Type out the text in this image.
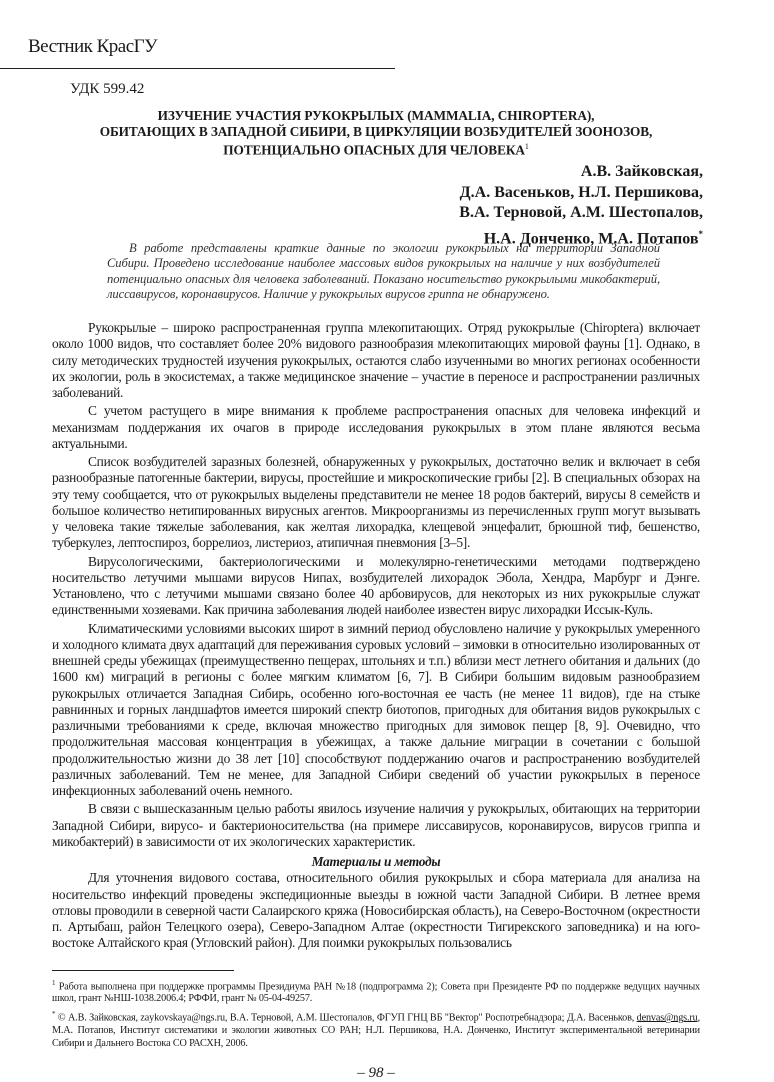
Вестник КрасГУ
УДК 599.42
ИЗУЧЕНИЕ УЧАСТИЯ РУКОКРЫЛЫХ (MAMMALIA, CHIROPTERA),
ОБИТАЮЩИХ В ЗАПАДНОЙ СИБИРИ, В ЦИРКУЛЯЦИИ ВОЗБУДИТЕЛЕЙ ЗООНОЗОВ,
ПОТЕНЦИАЛЬНО ОПАСНЫХ ДЛЯ ЧЕЛОВЕКА$^1$
А.В. Зайковская,
Д.А. Васеньков, Н.Л. Першикова,
В.А. Терновой, А.М. Шестопалов,
Н.А. Донченко, М.А. Потапов*
В работе представлены краткие данные по экологии рукокрылых на территории Западной Сибири. Проведено исследование наиболее массовых видов рукокрылых на наличие у них возбудителей потенциально опасных для человека заболеваний. Показано носительство рукокрылыми микобактерий, лиссавирусов, коронавирусов. Наличие у рукокрылых вирусов гриппа не обнаружено.

Рукокрылые – широко распространенная группа млекопитающих. Отряд рукокрылые (Chiroptera) включает около 1000 видов, что составляет более 20% видового разнообразия млекопитающих мировой фауны [1]. Однако, в силу методических трудностей изучения рукокрылых, остаются слабо изученными во многих регионах особенности их экологии, роль в экосистемах, а также медицинское значение – участие в переносе и распространении различных заболеваний.

С учетом растущего в мире внимания к проблеме распространения опасных для человека инфекций и механизмам поддержания их очагов в природе исследования рукокрылых в этом плане являются весьма актуальными.

Список возбудителей заразных болезней, обнаруженных у рукокрылых, достаточно велик и включает в себя разнообразные патогенные бактерии, вирусы, простейшие и микроскопические грибы [2]. В специальных обзорах на эту тему сообщается, что от рукокрылых выделены представители не менее 18 родов бактерий, вирусы 8 семейств и большое количество нетипированных вирусных агентов. Микроорганизмы из перечисленных групп могут вызывать у человека такие тяжелые заболевания, как желтая лихорадка, клещевой энцефалит, брюшной тиф, бешенство, туберкулез, лептоспироз, боррелиоз, листериоз, атипичная пневмония [3–5].

Вирусологическими, бактериологическими и молекулярно-генетическими методами подтверждено носительство летучими мышами вирусов Нипах, возбудителей лихорадок Эбола, Хендра, Марбург и Дэнге. Установлено, что с летучими мышами связано более 40 арбовирусов, для некоторых из них рукокрылые служат единственными хозяевами. Как причина заболевания людей наиболее известен вирус лихорадки Иссык-Куль.

Климатическими условиями высоких широт в зимний период обусловлено наличие у рукокрылых умеренного и холодного климата двух адаптаций для переживания суровых условий – зимовки в относительно изолированных от внешней среды убежищах (преимущественно пещерах, штольнях и т.п.) вблизи мест летнего обитания и дальних (до 1600 км) миграций в регионы с более мягким климатом [6, 7]. В Сибири большим видовым разнообразием рукокрылых отличается Западная Сибирь, особенно юго-восточная ее часть (не менее 11 видов), где на стыке равнинных и горных ландшафтов имеется широкий спектр биотопов, пригодных для обитания видов рукокрылых с различными требованиями к среде, включая множество пригодных для зимовок пещер [8, 9]. Очевидно, что продолжительная массовая концентрация в убежищах, а также дальние миграции в сочетании с большой продолжительностью жизни до 38 лет [10] способствуют поддержанию очагов и распространению возбудителей различных заболеваний. Тем не менее, для Западной Сибири сведений об участии рукокрылых в переносе инфекционных заболеваний очень немного.

В связи с вышесказанным целью работы явилось изучение наличия у рукокрылых, обитающих на территории Западной Сибири, вирусо- и бактерионосительства (на примере лиссавирусов, коронавирусов, вирусов гриппа и микобактерий) в зависимости от их экологических характеристик.

Материалы и методы

Для уточнения видового состава, относительного обилия рукокрылых и сбора материала для анализа на носительство инфекций проведены экспедиционные выезды в южной части Западной Сибири. В летнее время отловы проводили в северной части Салаирского кряжа (Новосибирская область), на Северо-Восточном (окрестности п. Артыбаш, район Телецкого озера), Северо-Западном Алтае (окрестности Тигирекского заповедника) и на юго-востоке Алтайского края (Угловский район). Для поимки рукокрылых пользовались

$^1$ Работа выполнена при поддержке программы Президиума РАН №18 (подпрограмма 2); Совета при Президенте РФ по поддержке ведущих научных школ, грант №НШ-1038.2006.4; РФФИ, грант № 05-04-49257.

* © А.В. Зайковская, zaykovskaya@ngs.ru, В.А. Терновой, А.М. Шестопалов, ФГУП ГНЦ ВБ "Вектор" Роспотребнадзора; Д.А. Васеньков, denvas@ngs.ru, М.А. Потапов, Институт систематики и экологии животных СО РАН; Н.Л. Першикова, Н.А. Донченко, Институт экспериментальной ветеринарии Сибири и Дальнего Востока СО РАСХН, 2006.

– 98 –
